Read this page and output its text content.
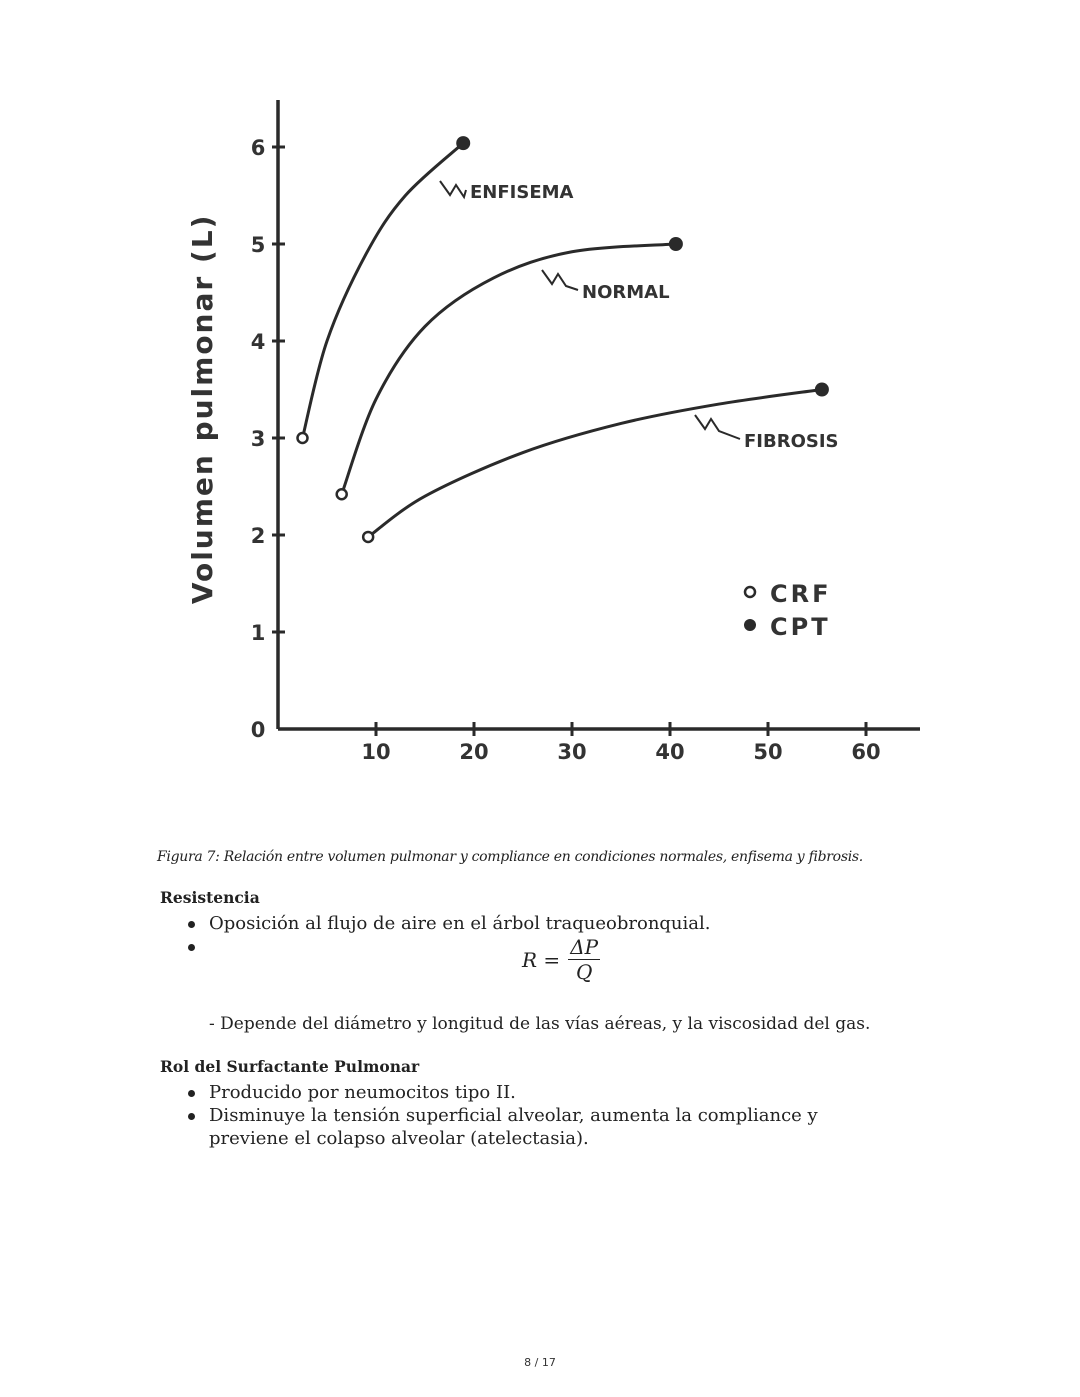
10	20	30	40	50	60
0
1
2
3
4
5
6
Volumen pulmonar (L)
ENFISEMA
NORMAL
FIBROSIS
CRF
CPT
Figura 7: Relación entre volumen pulmonar y compliance en condiciones normales, enfisema y fibrosis.
Resistencia
Oposición al flujo de aire en el árbol traqueobronquial.
$R = \frac{\Delta P}{Q}$
- Depende del diámetro y longitud de las vías aéreas, y la viscosidad del gas.
Rol del Surfactante Pulmonar
Producido por neumocitos tipo II.
Disminuye la tensión superficial alveolar, aumenta la compliance y previene el colapso alveolar (atelectasia).
8 / 17
